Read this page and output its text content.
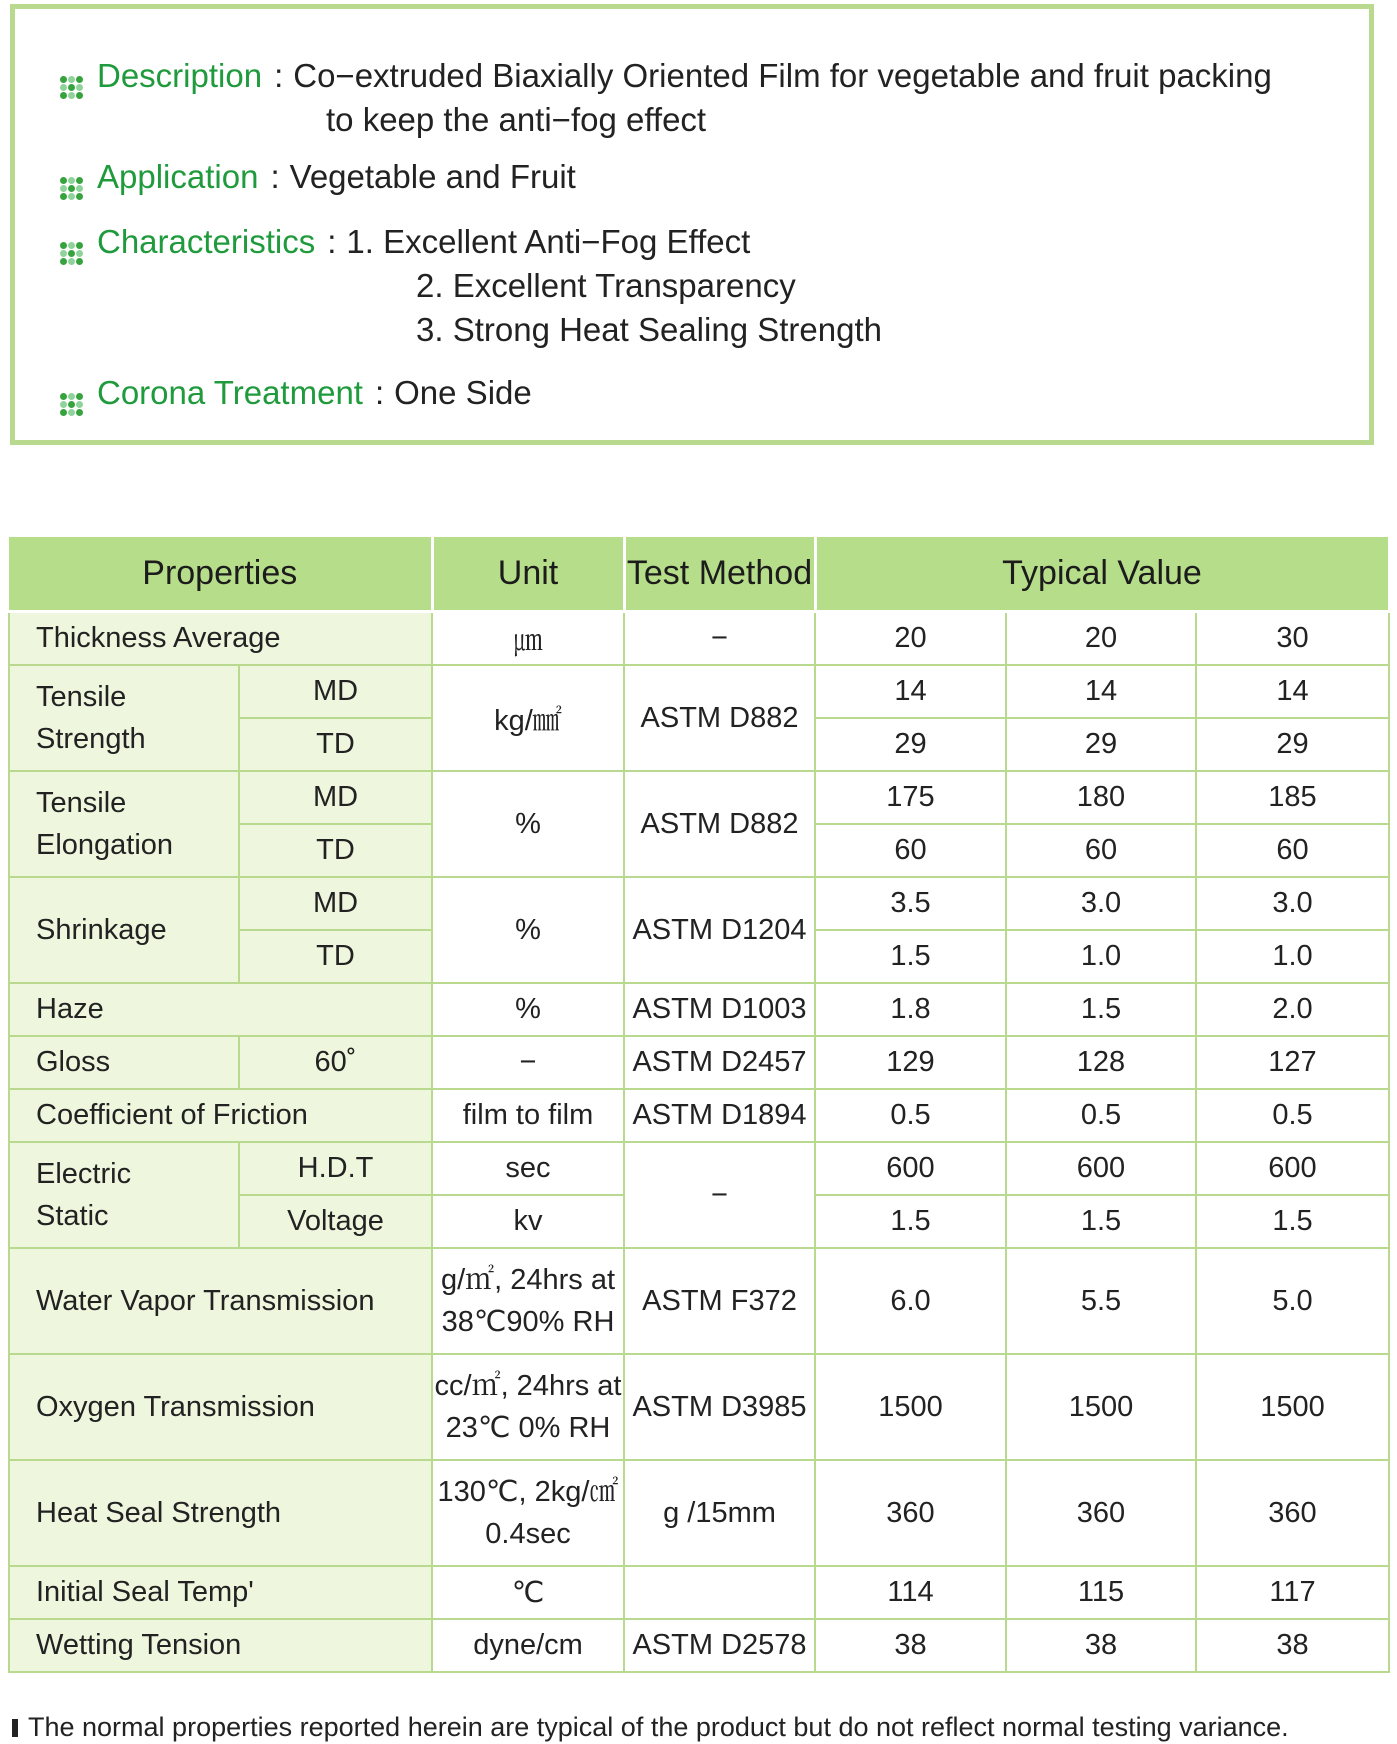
Description : Co−extruded Biaxially Oriented Film for vegetable and fruit packing
to keep the anti−fog effect
Application : Vegetable and Fruit
Characteristics : 1. Excellent Anti−Fog Effect
2. Excellent Transparency
3. Strong Heat Sealing Strength
Corona Treatment : One Side
Properties		Unit	Test Method	Typical Value		
Thickness Average		㎛	−	20	20	30
Tensile
Strength	MD	kg/㎟	ASTM D882	14	14	14
	TD			29	29	29
Tensile
Elongation	MD	%	ASTM D882	175	180	185
	TD			60	60	60
Shrinkage	MD	%	ASTM D1204	3.5	3.0	3.0
	TD			1.5	1.0	1.0
Haze		%	ASTM D1003	1.8	1.5	2.0
Gloss	60˚	−	ASTM D2457	129	128	127
Coefficient of Friction		film to film	ASTM D1894	0.5	0.5	0.5
Electric
Static	H.D.T	sec	−	600	600	600
	Voltage	kv		1.5	1.5	1.5
Water Vapor Transmission		g/㎡, 24hrs at
38℃90% RH	ASTM F372	6.0	5.5	5.0
Oxygen Transmission		cc/㎡, 24hrs at
23℃ 0% RH	ASTM D3985	1500	1500	1500
Heat Seal Strength		130℃, 2kg/㎠
0.4sec	g /15mm	360	360	360
Initial Seal Temp'		℃		114	115	117
Wetting Tension		dyne/cm	ASTM D2578	38	38	38
The normal properties reported herein are typical of the product but do not reflect normal testing variance.
